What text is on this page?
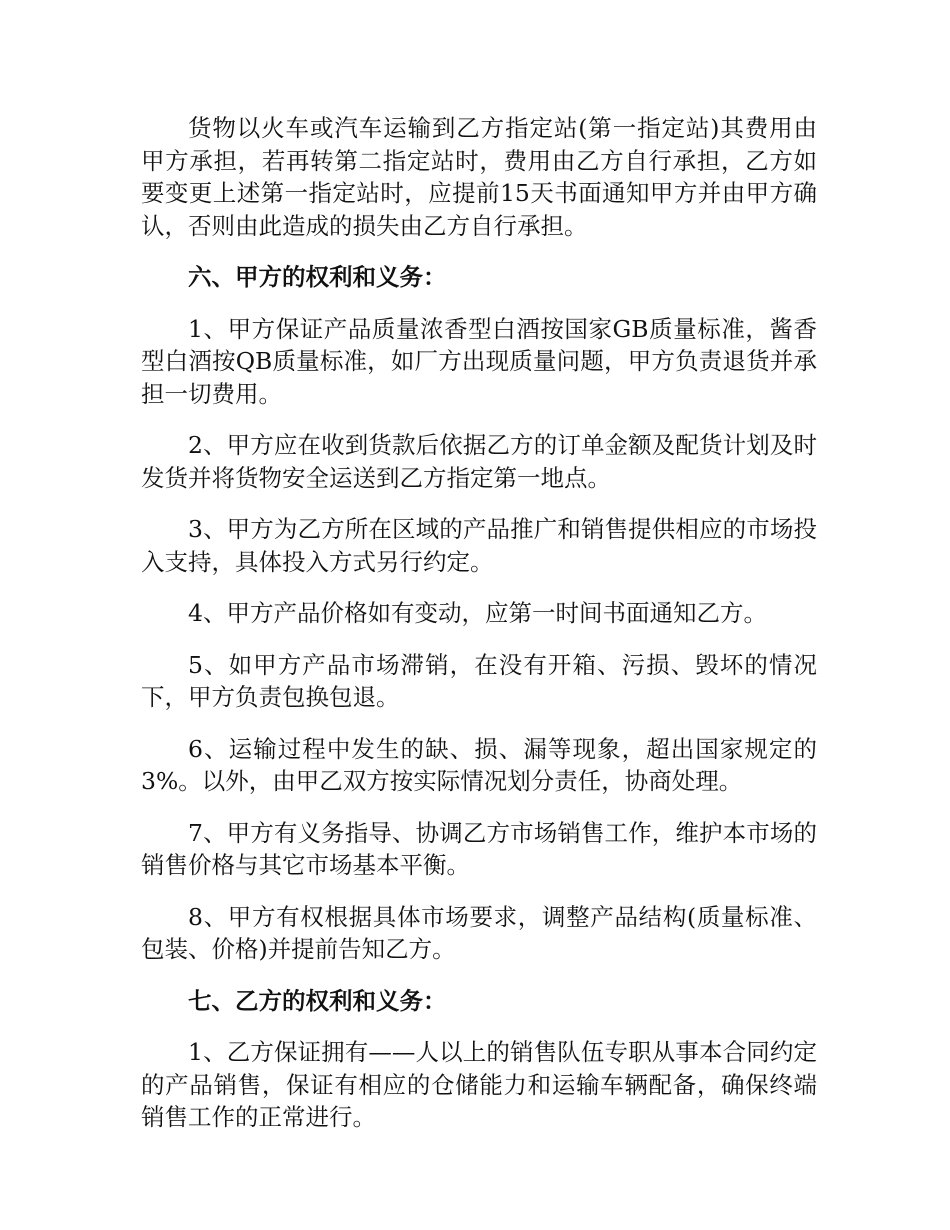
货物以火车或汽车运输到乙方指定站(第一指定站)其费用由甲方承担，若再转第二指定站时，费用由乙方自行承担，乙方如要变更上述第一指定站时，应提前15天书面通知甲方并由甲方确认，否则由此造成的损失由乙方自行承担。

六、甲方的权利和义务：

1、甲方保证产品质量浓香型白酒按国家GB质量标准，酱香型白酒按QB质量标准，如厂方出现质量问题，甲方负责退货并承担一切费用。

2、甲方应在收到货款后依据乙方的订单金额及配货计划及时发货并将货物安全运送到乙方指定第一地点。

3、甲方为乙方所在区域的产品推广和销售提供相应的市场投入支持，具体投入方式另行约定。

4、甲方产品价格如有变动，应第一时间书面通知乙方。

5、如甲方产品市场滞销，在没有开箱、污损、毁坏的情况下，甲方负责包换包退。

6、运输过程中发生的缺、损、漏等现象，超出国家规定的3%。以外，由甲乙双方按实际情况划分责任，协商处理。

7、甲方有义务指导、协调乙方市场销售工作，维护本市场的销售价格与其它市场基本平衡。

8、甲方有权根据具体市场要求，调整产品结构(质量标准、包装、价格)并提前告知乙方。

七、乙方的权利和义务：

1、乙方保证拥有——人以上的销售队伍专职从事本合同约定的产品销售，保证有相应的仓储能力和运输车辆配备，确保终端销售工作的正常进行。
